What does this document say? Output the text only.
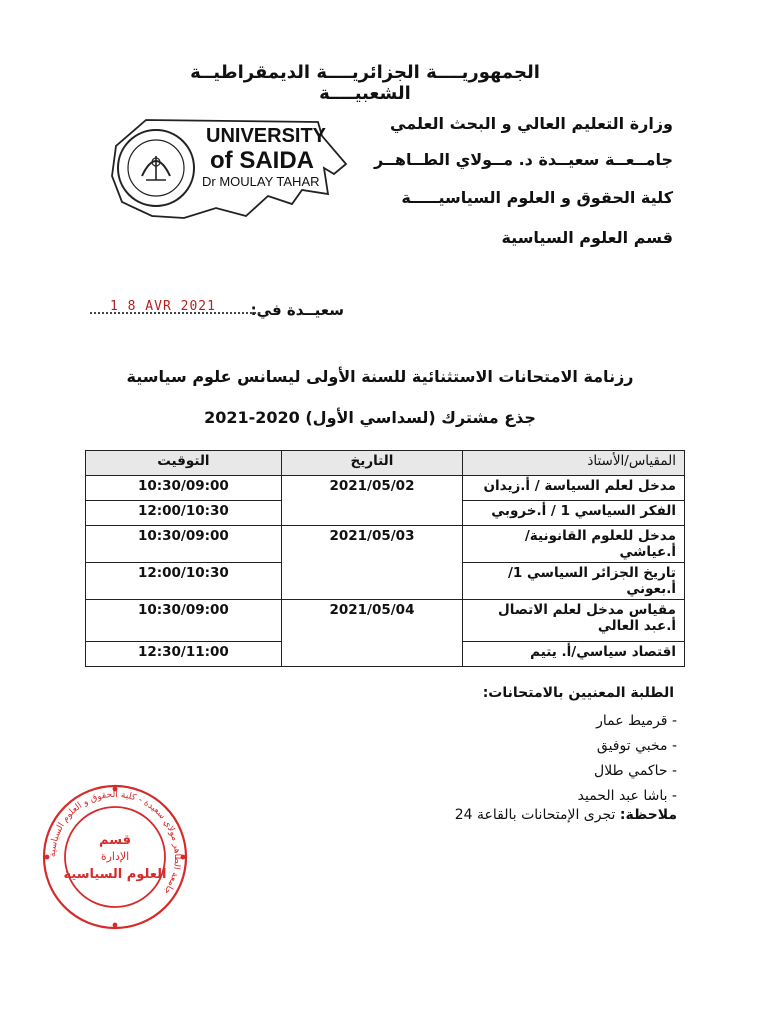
الجمهوريــــة الجزائريــــة الديمقراطيــة الشعبيــــة
وزارة التعليم العالي و البحث العلمي
جامــعــة سعيــدة د. مــولاي الطــاهــر
كلية الحقوق و العلوم السياسيـــــة
قسم العلوم السياسية
UNIVERSITY
of SAIDA
Dr MOULAY TAHAR
سعيــدة في:
1 8 AVR 2021
رزنامة الامتحانات الاستثنائية للسنة الأولى ليسانس علوم سياسية
جذع مشترك (لسداسي الأول) 2020-2021
المقياس/الأستاذ	التاريخ	التوقيت
مدخل لعلم السياسة / أ.زيدان	2021/05/02	10:30/09:00
الفكر السياسي 1 / أ.خروبي		12:00/10:30
مدخل للعلوم القانونية/ أ.عياشي	2021/05/03	10:30/09:00
تاريخ الجزائر السياسي 1/أ.بعوني		12:00/10:30
مقياس مدخل لعلم الاتصال أ.عبد العالي	2021/05/04	10:30/09:00
اقتصاد سياسي/أ. يتيم		12:30/11:00
الطلبة المعنيين بالامتحانات:
- قرميط عمار
- مخبي توفيق
- حاكمي طلال
- باشا عبد الحميد
ملاحظة: تجرى الإمتحانات بالقاعة 24
جامعة الطاهر مولاي سعيدة - كلية الحقوق و العلوم السياسية
قسم
الإدارة
العلوم السياسية
